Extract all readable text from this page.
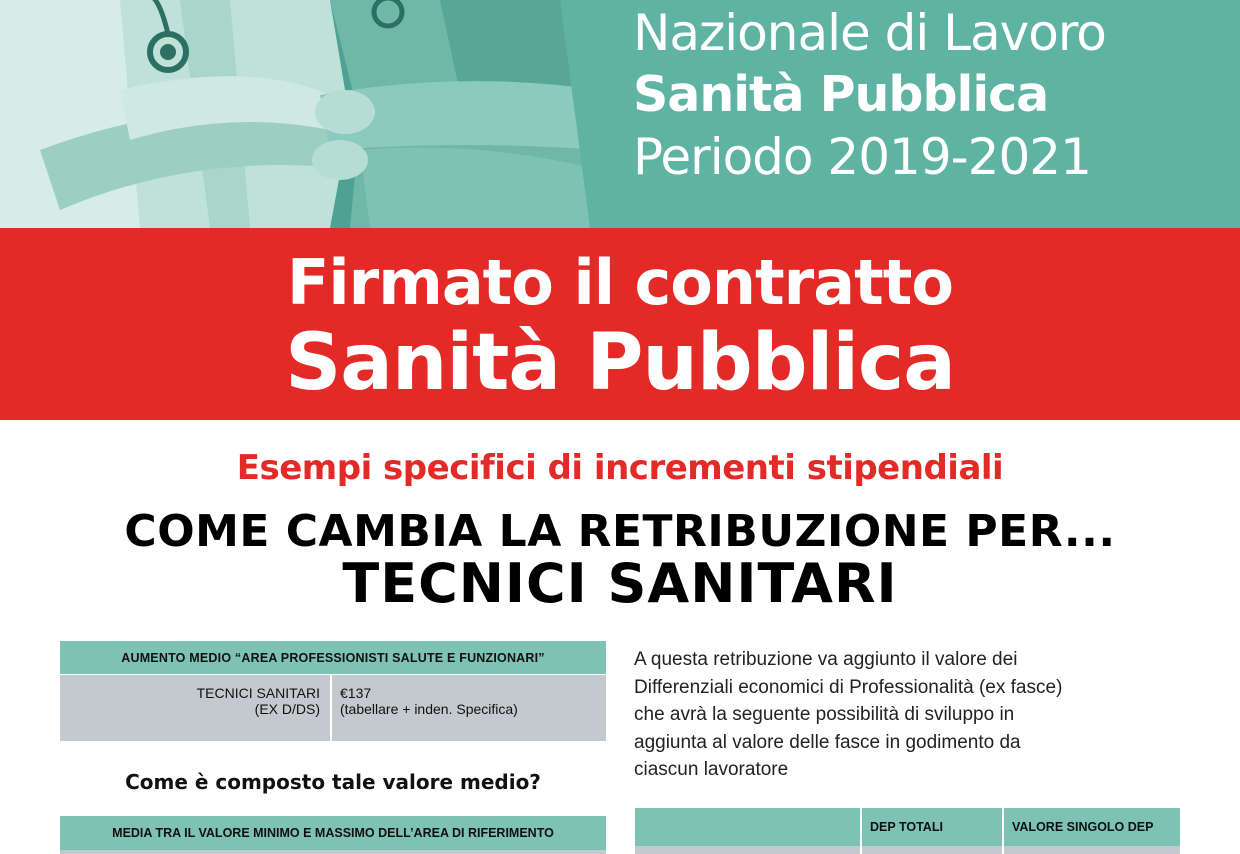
Nazionale di Lavoro
Sanità Pubblica
Periodo 2019-2021
Firmato il contratto
Sanità Pubblica
Esempi specifici di incrementi stipendiali
COME CAMBIA LA RETRIBUZIONE PER...
TECNICI SANITARI
AUMENTO MEDIO “AREA PROFESSIONISTI SALUTE E FUNZIONARI”
TECNICI SANITARI
(EX D/DS)
€137
(tabellare + inden. Specifica)
Come è composto tale valore medio?
MEDIA TRA IL VALORE MINIMO E MASSIMO DELL’AREA DI RIFERIMENTO
A questa retribuzione va aggiunto il valore dei
Differenziali economici di Professionalità (ex fasce)
che avrà la seguente possibilità di sviluppo in
aggiunta al valore delle fasce in godimento da
ciascun lavoratore
DEP TOTALI	VALORE SINGOLO DEP
